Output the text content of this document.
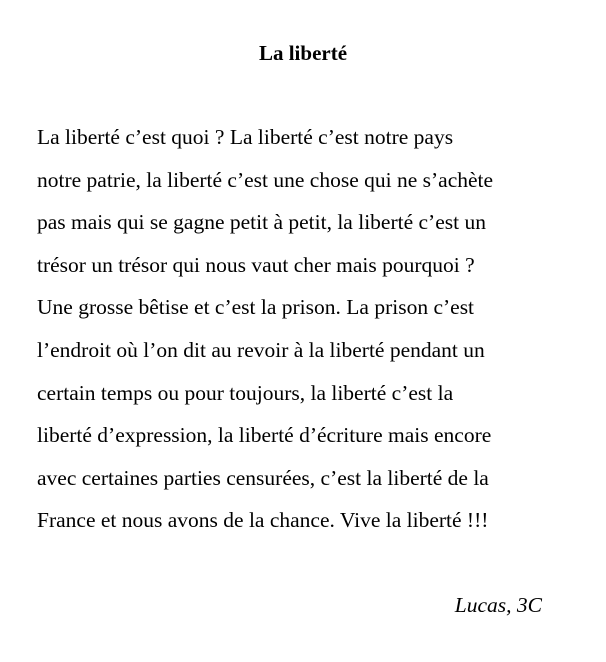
La liberté
La liberté c’est quoi ? La liberté c’est notre pays
notre patrie, la liberté c’est une chose qui ne s’achète
pas mais qui se gagne petit à petit, la liberté c’est un
trésor un trésor qui nous vaut cher mais pourquoi ?
Une grosse bêtise et c’est la prison. La prison c’est
l’endroit où l’on dit au revoir à la liberté pendant un
certain temps ou pour toujours, la liberté c’est la
liberté d’expression, la liberté d’écriture mais encore
avec certaines parties censurées, c’est la liberté de la
France et nous avons de la chance. Vive la liberté !!!
Lucas, 3C
